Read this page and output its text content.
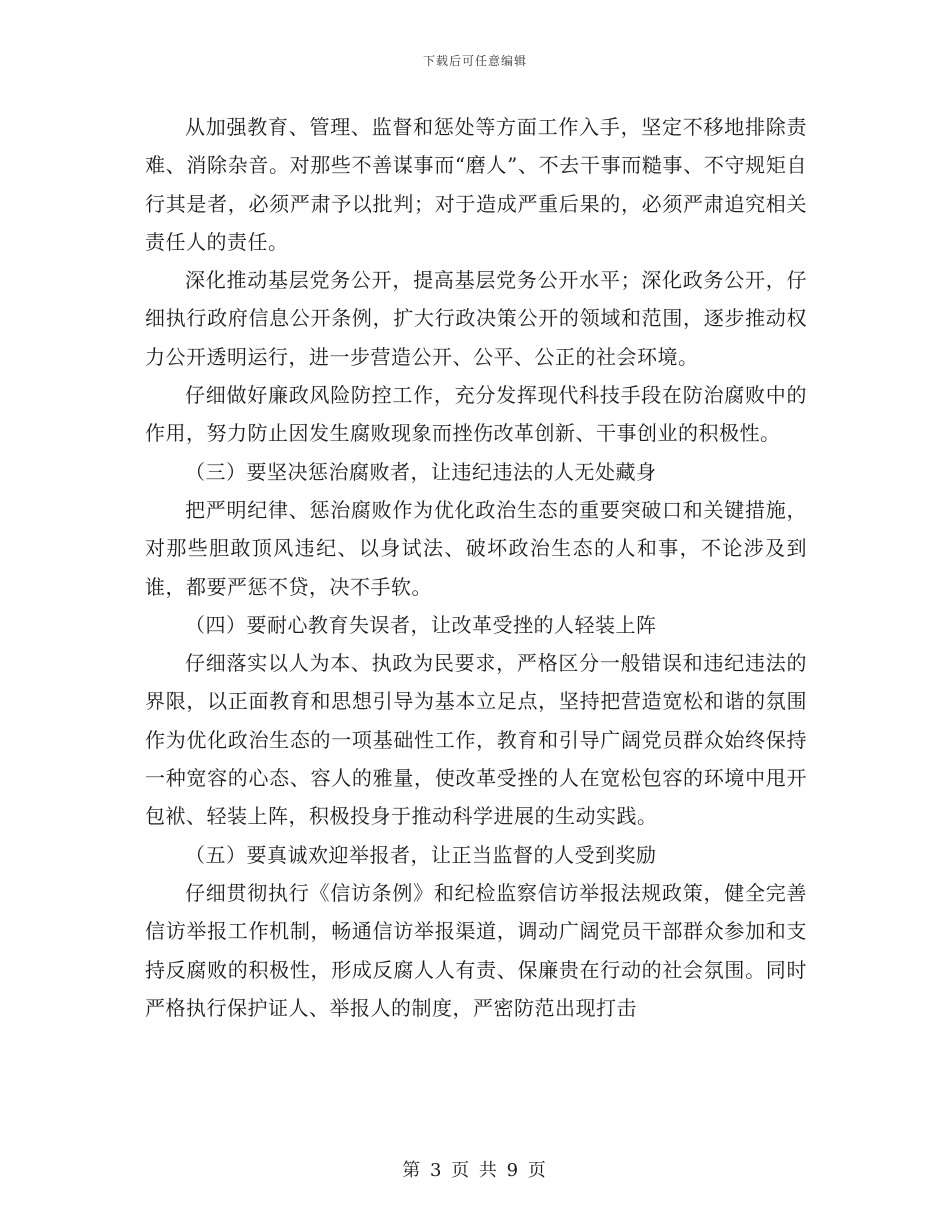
下载后可任意编辑

从加强教育、管理、监督和惩处等方面工作入手，坚定不移地排除责难、消除杂音。对那些不善谋事而“磨人”、不去干事而糙事、不守规矩自行其是者，必须严肃予以批判；对于造成严重后果的，必须严肃追究相关责任人的责任。

深化推动基层党务公开，提高基层党务公开水平；深化政务公开，仔细执行政府信息公开条例，扩大行政决策公开的领域和范围，逐步推动权力公开透明运行，进一步营造公开、公平、公正的社会环境。

仔细做好廉政风险防控工作，充分发挥现代科技手段在防治腐败中的作用，努力防止因发生腐败现象而挫伤改革创新、干事创业的积极性。

（三）要坚决惩治腐败者，让违纪违法的人无处藏身

把严明纪律、惩治腐败作为优化政治生态的重要突破口和关键措施，对那些胆敢顶风违纪、以身试法、破坏政治生态的人和事，不论涉及到谁，都要严惩不贷，决不手软。

（四）要耐心教育失误者，让改革受挫的人轻装上阵

仔细落实以人为本、执政为民要求，严格区分一般错误和违纪违法的界限，以正面教育和思想引导为基本立足点，坚持把营造宽松和谐的氛围作为优化政治生态的一项基础性工作，教育和引导广阔党员群众始终保持一种宽容的心态、容人的雅量，使改革受挫的人在宽松包容的环境中甩开包袱、轻装上阵，积极投身于推动科学进展的生动实践。

（五）要真诚欢迎举报者，让正当监督的人受到奖励

仔细贯彻执行《信访条例》和纪检监察信访举报法规政策，健全完善信访举报工作机制，畅通信访举报渠道，调动广阔党员干部群众参加和支持反腐败的积极性，形成反腐人人有责、保廉贵在行动的社会氛围。同时严格执行保护证人、举报人的制度，严密防范出现打击

第 3 页 共 9 页
